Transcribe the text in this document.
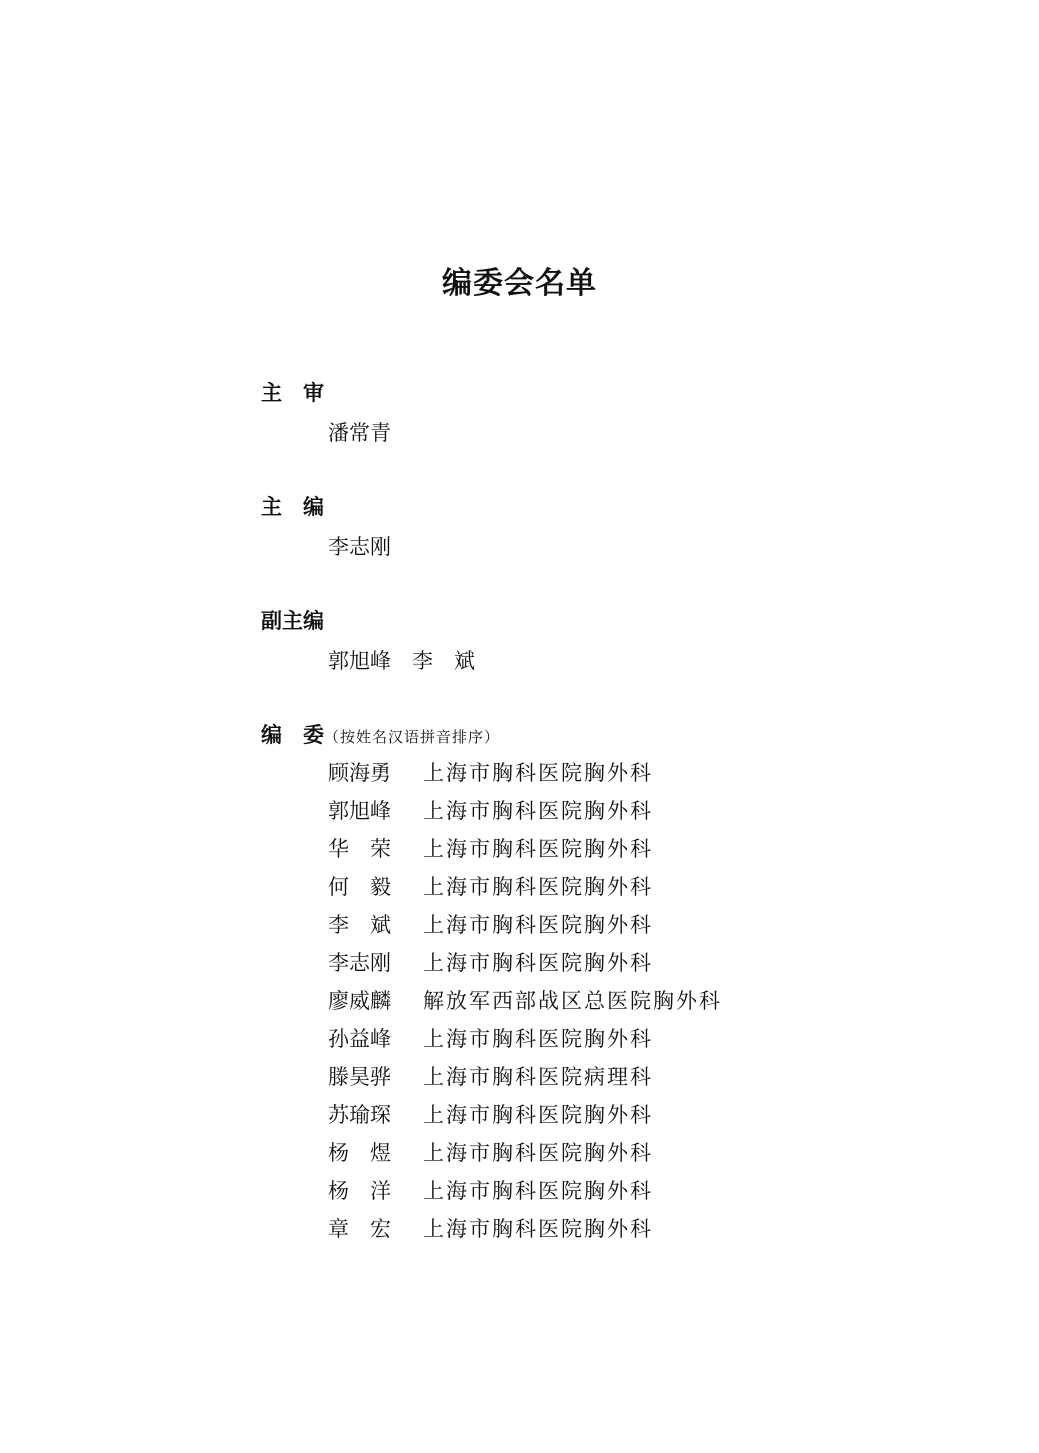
编委会名单
主　审
潘常青
主　编
李志刚
副主编
郭旭峰　李　斌
编　委（按姓名汉语拼音排序）
顾海勇	上海市胸科医院胸外科
郭旭峰	上海市胸科医院胸外科
华　荣	上海市胸科医院胸外科
何　毅	上海市胸科医院胸外科
李　斌	上海市胸科医院胸外科
李志刚	上海市胸科医院胸外科
廖威麟	解放军西部战区总医院胸外科
孙益峰	上海市胸科医院胸外科
滕昊骅	上海市胸科医院病理科
苏瑜琛	上海市胸科医院胸外科
杨　煜	上海市胸科医院胸外科
杨　洋	上海市胸科医院胸外科
章　宏	上海市胸科医院胸外科
